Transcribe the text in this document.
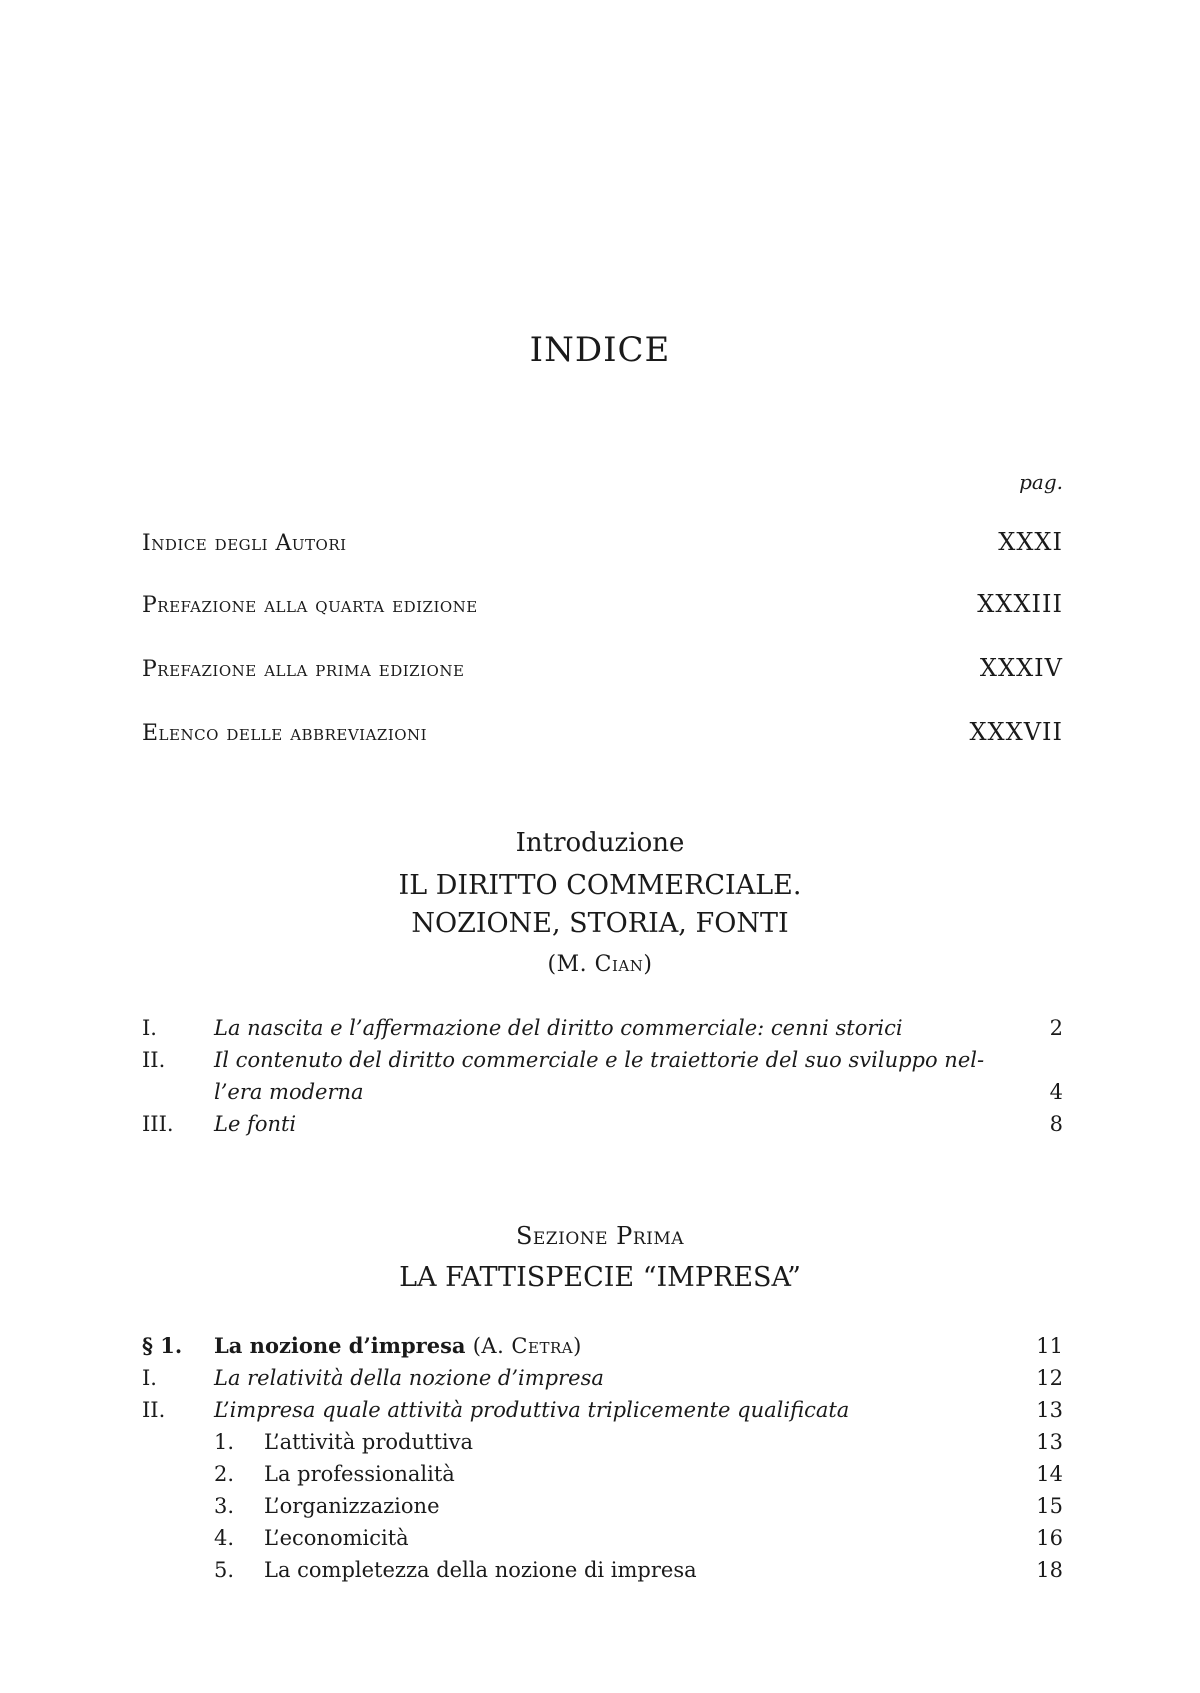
INDICE
pag.
Indice degli Autori	XXXI
Prefazione alla quarta edizione	XXXIII
Prefazione alla prima edizione	XXXIV
Elenco delle abbreviazioni	XXXVII
Introduzione
IL DIRITTO COMMERCIALE.
NOZIONE, STORIA, FONTI
(M. Cian)
I.	La nascita e l’affermazione del diritto commerciale: cenni storici	2
II. Il contenuto del diritto commerciale e le traiettorie del suo sviluppo nel-
l’era moderna	4
III. Le fonti	8
Sezione Prima
LA FATTISPECIE “IMPRESA”
§ 1. La nozione d’impresa (A. Cetra)	11
I.	La relatività della nozione d’impresa	12
II. L’impresa quale attività produttiva triplicemente qualificata	13
1. L’attività produttiva	13
2. La professionalità	14
3. L’organizzazione	15
4. L’economicità	16
5. La completezza della nozione di impresa	18
